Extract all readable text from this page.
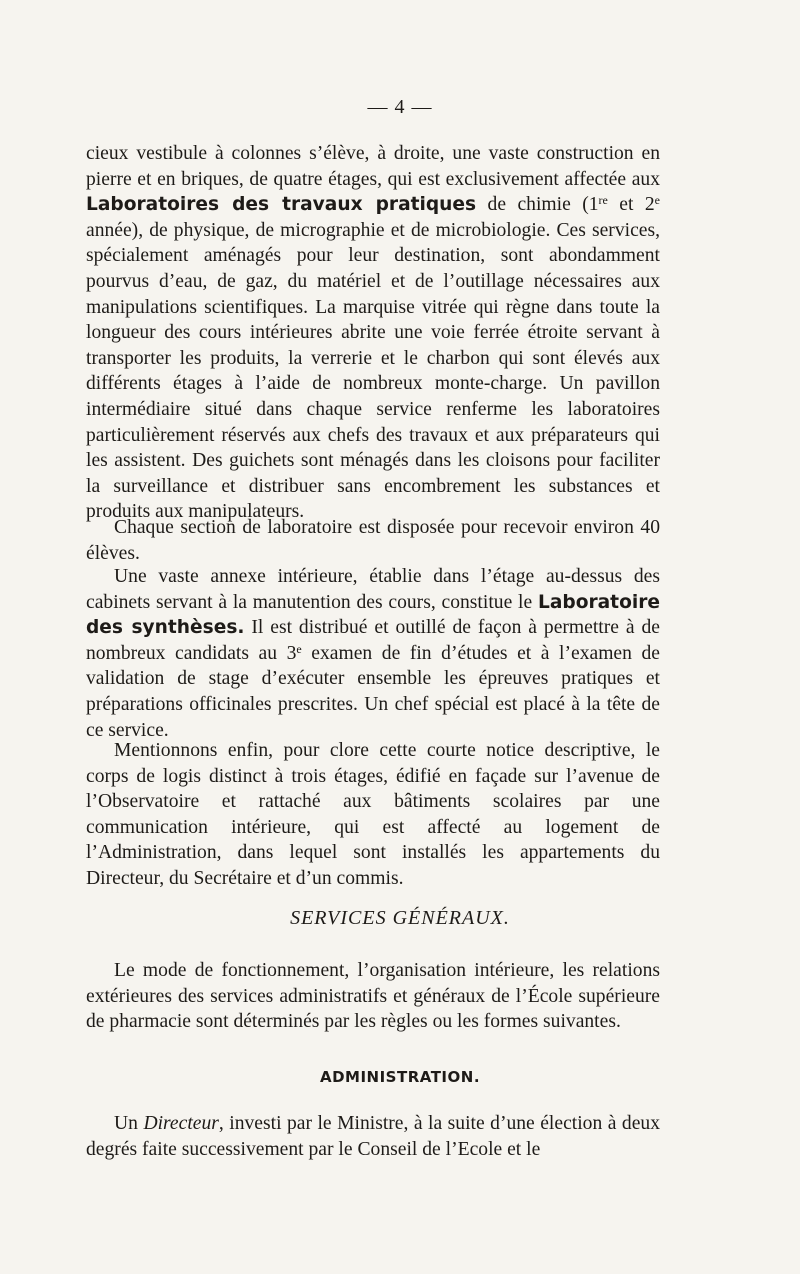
— 4 —

cieux vestibule à colonnes s’élève, à droite, une vaste construction en pierre et en briques, de quatre étages, qui est exclusivement affectée aux Laboratoires des travaux pratiques de chimie (1re et 2e année), de physique, de micrographie et de microbiologie. Ces services, spécialement aménagés pour leur destination, sont abondamment pourvus d’eau, de gaz, du matériel et de l’outillage nécessaires aux manipulations scientifiques. La marquise vitrée qui règne dans toute la longueur des cours intérieures abrite une voie ferrée étroite servant à transporter les produits, la verrerie et le charbon qui sont élevés aux différents étages à l’aide de nombreux monte-charge. Un pavillon intermédiaire situé dans chaque service renferme les laboratoires particulièrement réservés aux chefs des travaux et aux préparateurs qui les assistent. Des guichets sont ménagés dans les cloisons pour faciliter la surveillance et distribuer sans encombrement les substances et produits aux manipulateurs.

Chaque section de laboratoire est disposée pour recevoir environ 40 élèves.

Une vaste annexe intérieure, établie dans l’étage au-dessus des cabinets servant à la manutention des cours, constitue le Laboratoire des synthèses. Il est distribué et outillé de façon à permettre à de nombreux candidats au 3e examen de fin d’études et à l’examen de validation de stage d’exécuter ensemble les épreuves pratiques et préparations officinales prescrites. Un chef spécial est placé à la tête de ce service.

Mentionnons enfin, pour clore cette courte notice descriptive, le corps de logis distinct à trois étages, édifié en façade sur l’avenue de l’Observatoire et rattaché aux bâtiments scolaires par une communication intérieure, qui est affecté au logement de l’Administration, dans lequel sont installés les appartements du Directeur, du Secrétaire et d’un commis.

SERVICES GÉNÉRAUX.

Le mode de fonctionnement, l’organisation intérieure, les relations extérieures des services administratifs et généraux de l’École supérieure de pharmacie sont déterminés par les règles ou les formes suivantes.

ADMINISTRATION.

Un Directeur, investi par le Ministre, à la suite d’une élection à deux degrés faite successivement par le Conseil de l’Ecole et le
